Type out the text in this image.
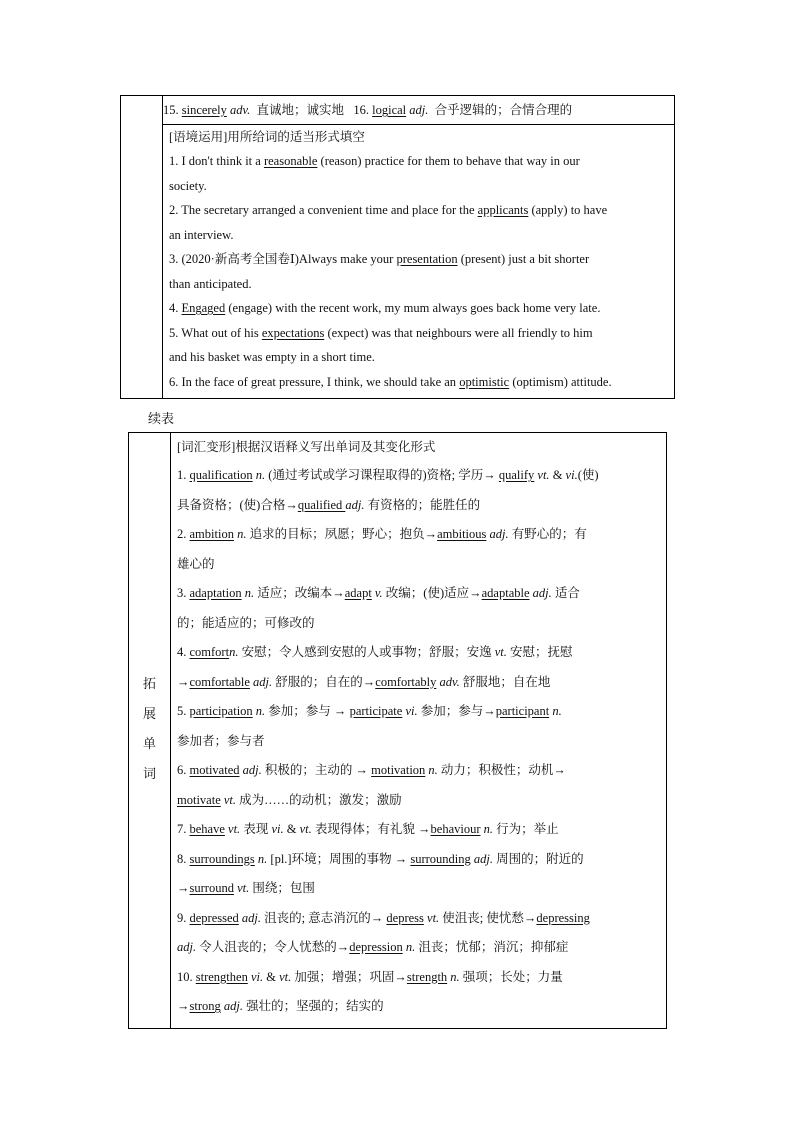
	15. sincerely adv. 直诚地；诚实地 16. logical adj. 合乎逻辑的；合情合理的

[语境运用]用所给词的适当形式填空
1. I don't think it a reasonable (reason) practice for them to behave that way in our
society.
2. The secretary arranged a convenient time and place for the applicants (apply) to have
an interview.
3. (2020·新高考全国卷Ⅰ)Always make your presentation (present) just a bit shorter
than anticipated.
4. Engaged (engage) with the recent work, my mum always goes back home very late.
5. What out of his expectations (expect) was that neighbours were all friendly to him
and his basket was empty in a short time.
6. In the face of great pressure, I think, we should take an optimistic (optimism) attitude.
续表
拓
展
单
词

[词汇变形]根据汉语释义写出单词及其变化形式
1. qualification n. (通过考试或学习课程取得的)资格; 学历→ qualify vt. & vi.(使)
具备资格；(使)合格→qualified adj. 有资格的；能胜任的
2. ambition n. 追求的目标；夙愿；野心；抱负→ambitious adj. 有野心的；有
雄心的
3. adaptation n. 适应；改编本→adapt v. 改编；(使)适应→adaptable adj. 适合
的；能适应的；可修改的
4. comfortn. 安慰；令人感到安慰的人或事物；舒服；安逸 vt. 安慰；抚慰
→comfortable adj. 舒服的；自在的→comfortably adv. 舒服地；自在地
5. participation n. 参加；参与 → participate vi. 参加；参与→participant n.
参加者；参与者
6. motivated adj. 积极的；主动的 → motivation n. 动力；积极性；动机→
motivate vt. 成为……的动机；激发；激励
7. behave vt. 表现 vi. & vt. 表现得体；有礼貌 →behaviour n. 行为；举止
8. surroundings n. [pl.]环境；周围的事物 → surrounding adj. 周围的；附近的
→surround vt. 围绕；包围
9. depressed adj. 沮丧的; 意志消沉的→ depress vt. 使沮丧; 使忧愁→depressing
adj. 令人沮丧的；令人忧愁的→depression n. 沮丧；忧郁；消沉；抑郁症
10. strengthen vi. & vt. 加强；增强；巩固→strength n. 强项；长处；力量
→strong adj. 强壮的；坚强的；结实的
